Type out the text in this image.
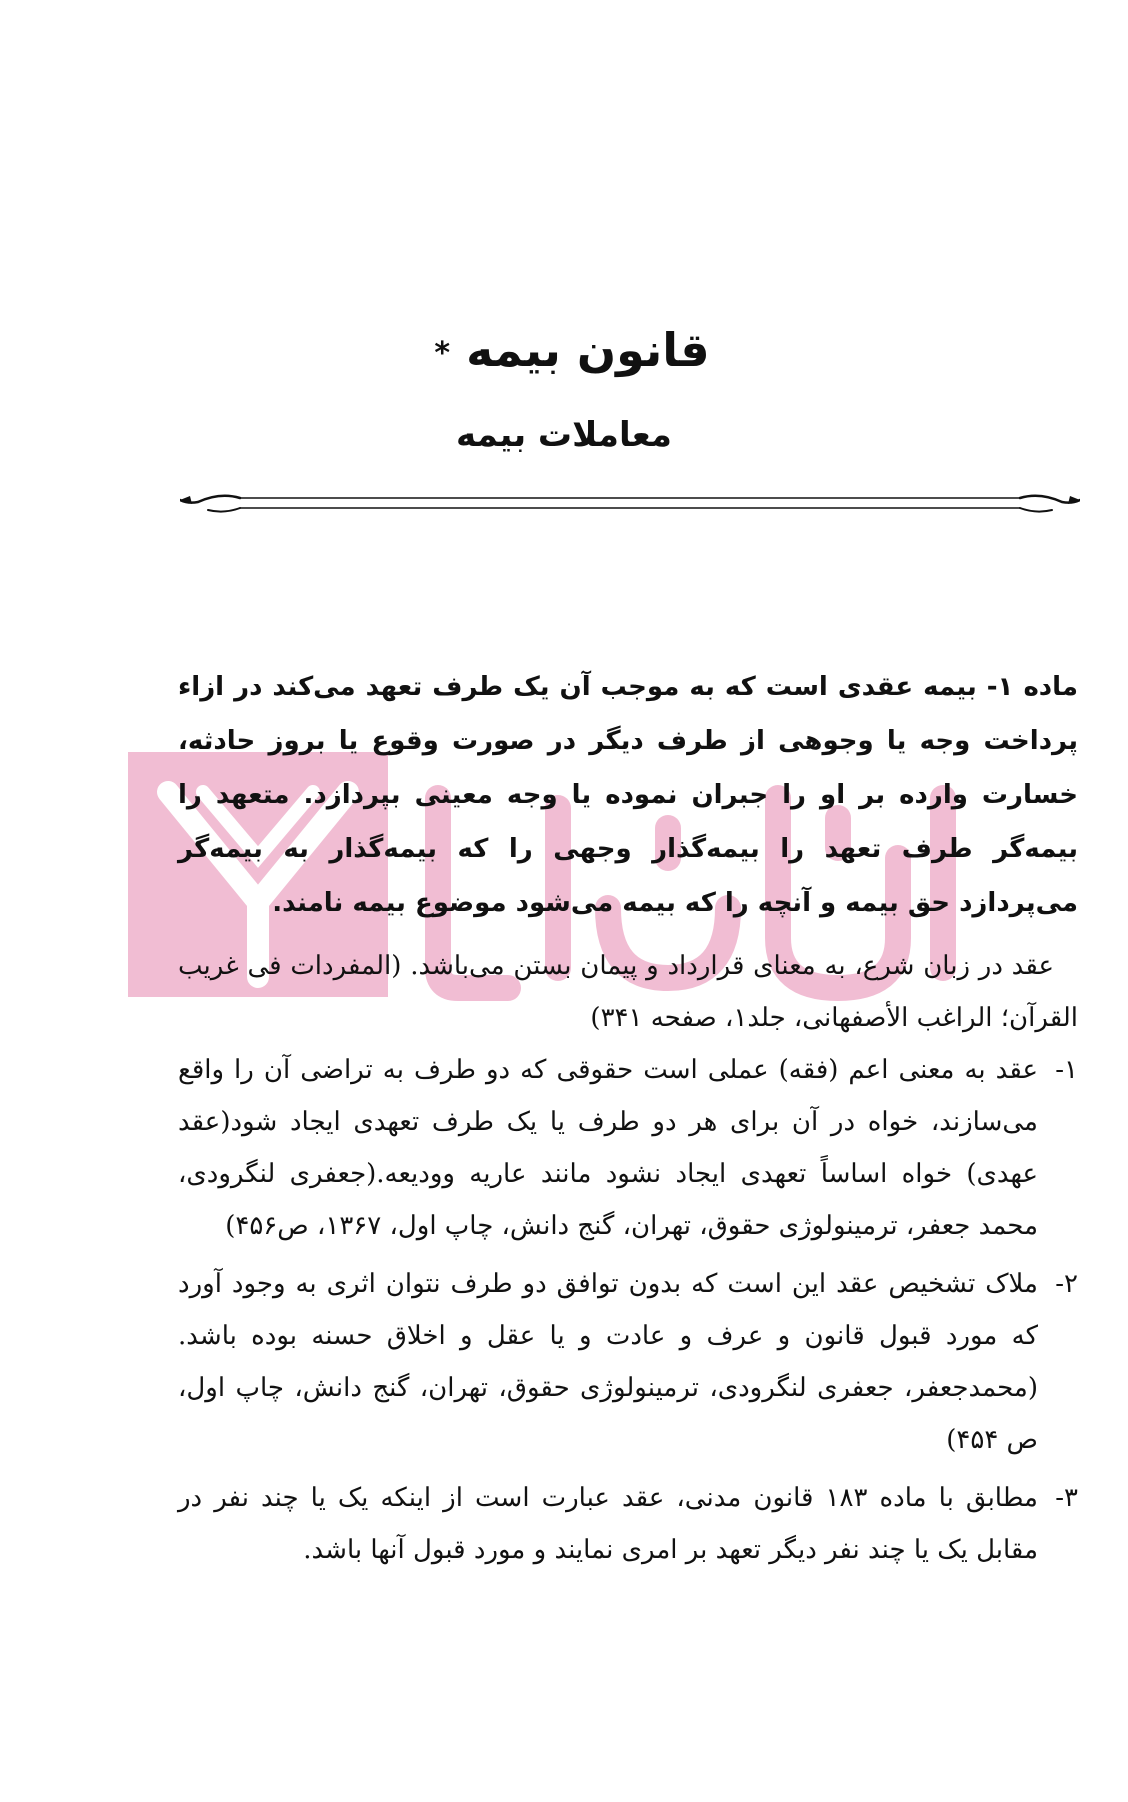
قانون بیمه *
معاملات بیمه

ماده ۱- بیمه عقدی است که به موجب آن یک طرف تعهد می‌کند در ازاء پرداخت وجه یا وجوهی از طرف دیگر در صورت وقوع یا بروز حادثه، خسارت وارده بر او را جبران نموده یا وجه معینی بپردازد. متعهد را بیمه‌گر طرف تعهد را بیمه‌گذار وجهی را که بیمه‌گذار به بیمه‌گر می‌پردازد حق بیمه و آنچه را که بیمه می‌شود موضوع بیمه نامند.

عقد در زبان شرع، به معنای قرارداد و پیمان بستن می‌باشد. (المفردات فی غریب القرآن؛ الراغب الأصفهانی، جلد۱، صفحه ۳۴۱)

۱-
عقد به معنی اعم (فقه) عملی است حقوقی که دو طرف به تراضی آن را واقع می‌سازند، خواه در آن برای هر دو طرف یا یک طرف تعهدی ایجاد شود(عقد عهدی) خواه اساساً تعهدی ایجاد نشود مانند عاریه وودیعه.(جعفری لنگرودی، محمد جعفر، ترمینولوژی حقوق، تهران، گنج دانش، چاپ اول، ۱۳۶۷، ص۴۵۶)
۲-
ملاک تشخیص عقد این است که بدون توافق دو طرف نتوان اثری به وجود آورد که مورد قبول قانون و عرف و عادت و یا عقل و اخلاق حسنه بوده باشد. (محمدجعفر، جعفری لنگرودی، ترمینولوژی حقوق، تهران، گنج دانش، چاپ اول، ص ۴۵۴)
۳-
مطابق با ماده ۱۸۳ قانون مدنی، عقد عبارت است از اینکه یک یا چند نفر در مقابل یک یا چند نفر دیگر تعهد بر امری نمایند و مورد قبول آنها باشد.
